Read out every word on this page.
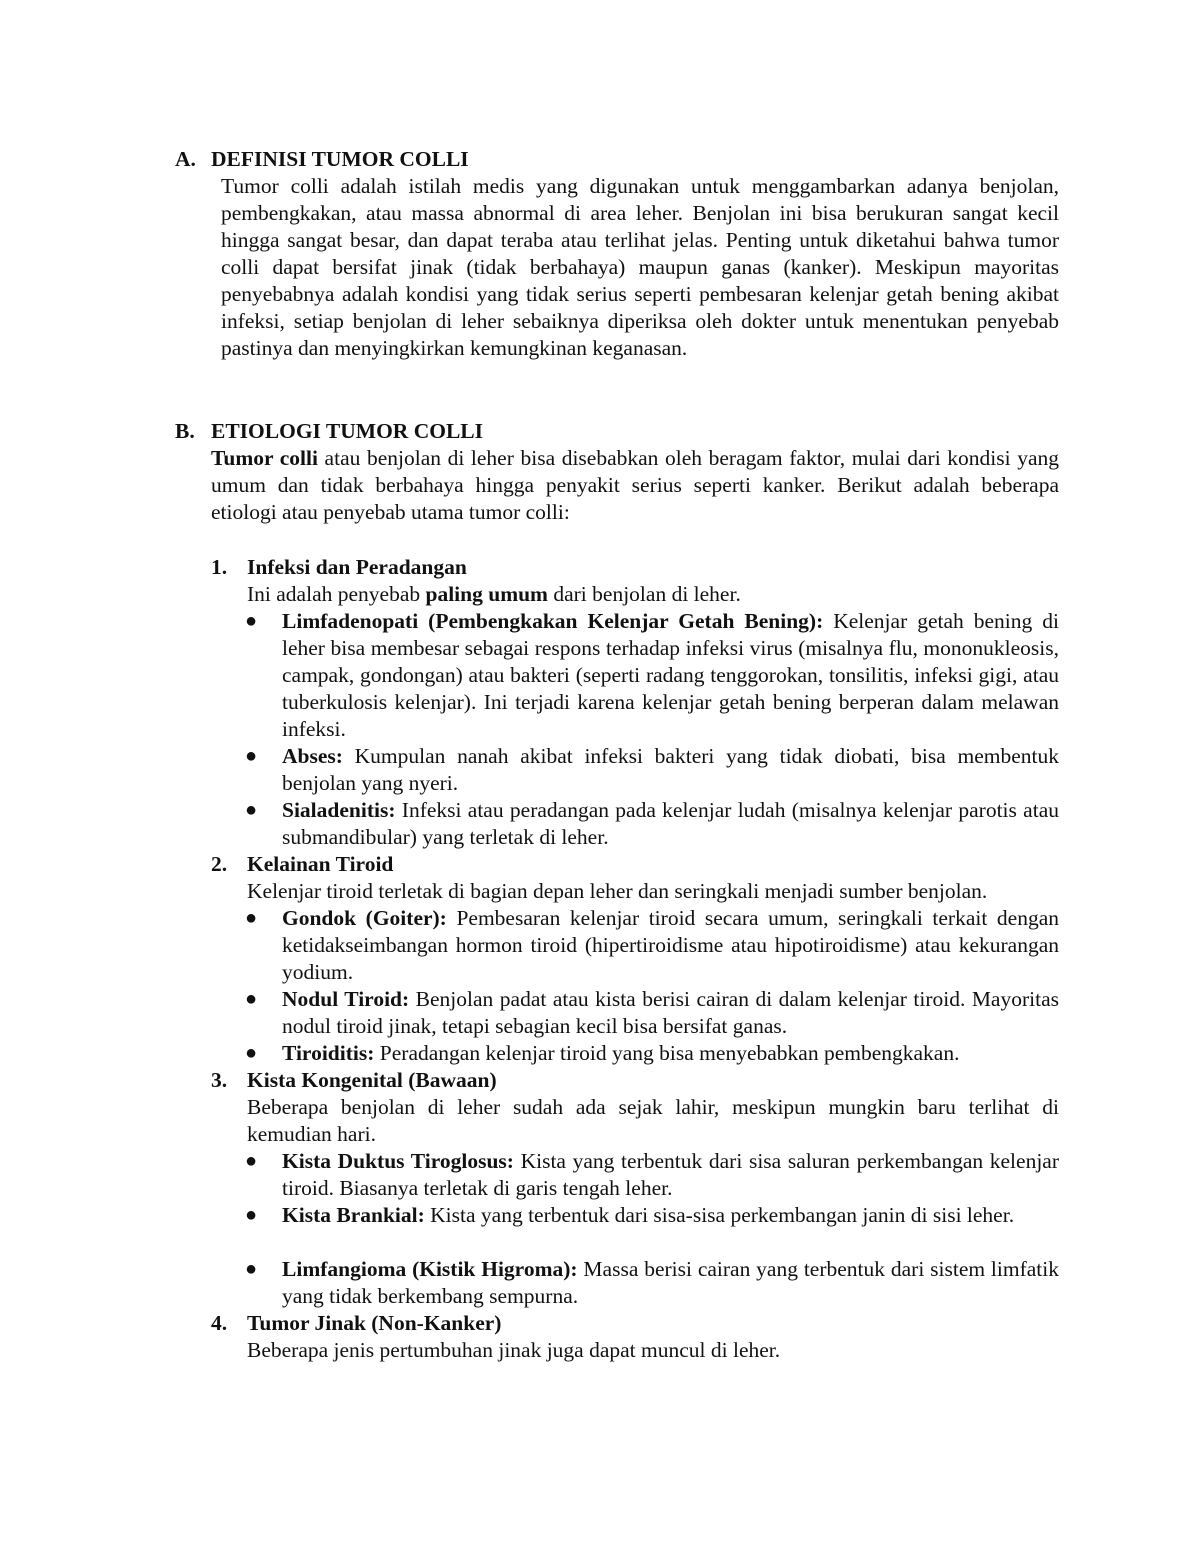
A. DEFINISI TUMOR COLLI
Tumor colli adalah istilah medis yang digunakan untuk menggambarkan adanya benjolan, pembengkakan, atau massa abnormal di area leher. Benjolan ini bisa berukuran sangat kecil hingga sangat besar, dan dapat teraba atau terlihat jelas. Penting untuk diketahui bahwa tumor colli dapat bersifat jinak (tidak berbahaya) maupun ganas (kanker). Meskipun mayoritas penyebabnya adalah kondisi yang tidak serius seperti pembesaran kelenjar getah bening akibat infeksi, setiap benjolan di leher sebaiknya diperiksa oleh dokter untuk menentukan penyebab pastinya dan menyingkirkan kemungkinan keganasan.
B. ETIOLOGI TUMOR COLLI
Tumor colli atau benjolan di leher bisa disebabkan oleh beragam faktor, mulai dari kondisi yang umum dan tidak berbahaya hingga penyakit serius seperti kanker. Berikut adalah beberapa etiologi atau penyebab utama tumor colli:
1. Infeksi dan Peradangan
Ini adalah penyebab paling umum dari benjolan di leher.
● Limfadenopati (Pembengkakan Kelenjar Getah Bening): Kelenjar getah bening di leher bisa membesar sebagai respons terhadap infeksi virus (misalnya flu, mononukleosis, campak, gondongan) atau bakteri (seperti radang tenggorokan, tonsilitis, infeksi gigi, atau tuberkulosis kelenjar). Ini terjadi karena kelenjar getah bening berperan dalam melawan infeksi.
● Abses: Kumpulan nanah akibat infeksi bakteri yang tidak diobati, bisa membentuk benjolan yang nyeri.
● Sialadenitis: Infeksi atau peradangan pada kelenjar ludah (misalnya kelenjar parotis atau submandibular) yang terletak di leher.
2. Kelainan Tiroid
Kelenjar tiroid terletak di bagian depan leher dan seringkali menjadi sumber benjolan.
● Gondok (Goiter): Pembesaran kelenjar tiroid secara umum, seringkali terkait dengan ketidakseimbangan hormon tiroid (hipertiroidisme atau hipotiroidisme) atau kekurangan yodium.
● Nodul Tiroid: Benjolan padat atau kista berisi cairan di dalam kelenjar tiroid. Mayoritas nodul tiroid jinak, tetapi sebagian kecil bisa bersifat ganas.
● Tiroiditis: Peradangan kelenjar tiroid yang bisa menyebabkan pembengkakan.
3. Kista Kongenital (Bawaan)
Beberapa benjolan di leher sudah ada sejak lahir, meskipun mungkin baru terlihat di kemudian hari.
● Kista Duktus Tiroglosus: Kista yang terbentuk dari sisa saluran perkembangan kelenjar tiroid. Biasanya terletak di garis tengah leher.
● Kista Brankial: Kista yang terbentuk dari sisa-sisa perkembangan janin di sisi leher.
● Limfangioma (Kistik Higroma): Massa berisi cairan yang terbentuk dari sistem limfatik yang tidak berkembang sempurna.
4. Tumor Jinak (Non-Kanker)
Beberapa jenis pertumbuhan jinak juga dapat muncul di leher.
